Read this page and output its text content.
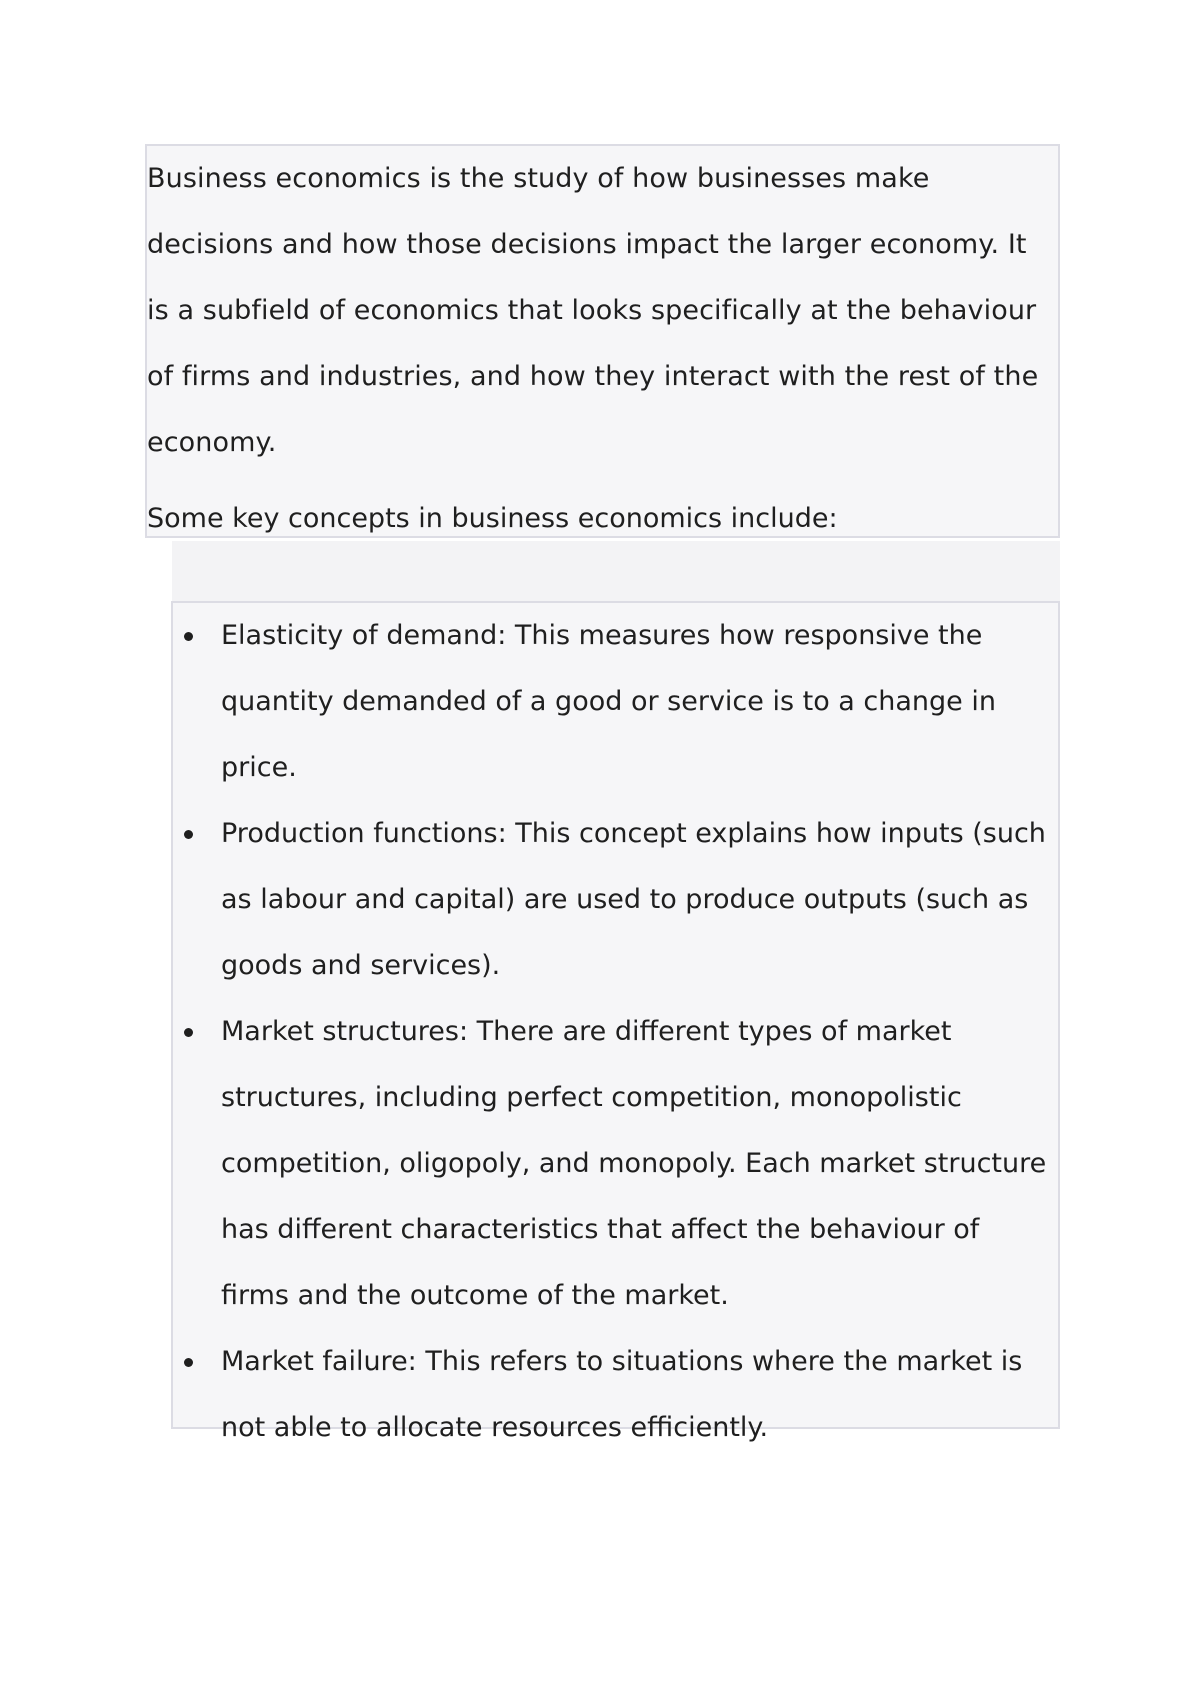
Business economics is the study of how businesses make decisions and how those decisions impact the larger economy. It is a subfield of economics that looks specifically at the behaviour of firms and industries, and how they interact with the rest of the economy.

Some key concepts in business economics include:

Elasticity of demand: This measures how responsive the quantity demanded of a good or service is to a change in price.
Production functions: This concept explains how inputs (such as labour and capital) are used to produce outputs (such as goods and services).
Market structures: There are different types of market structures, including perfect competition, monopolistic competition, oligopoly, and monopoly. Each market structure has different characteristics that affect the behaviour of firms and the outcome of the market.
Market failure: This refers to situations where the market is not able to allocate resources efficiently.
